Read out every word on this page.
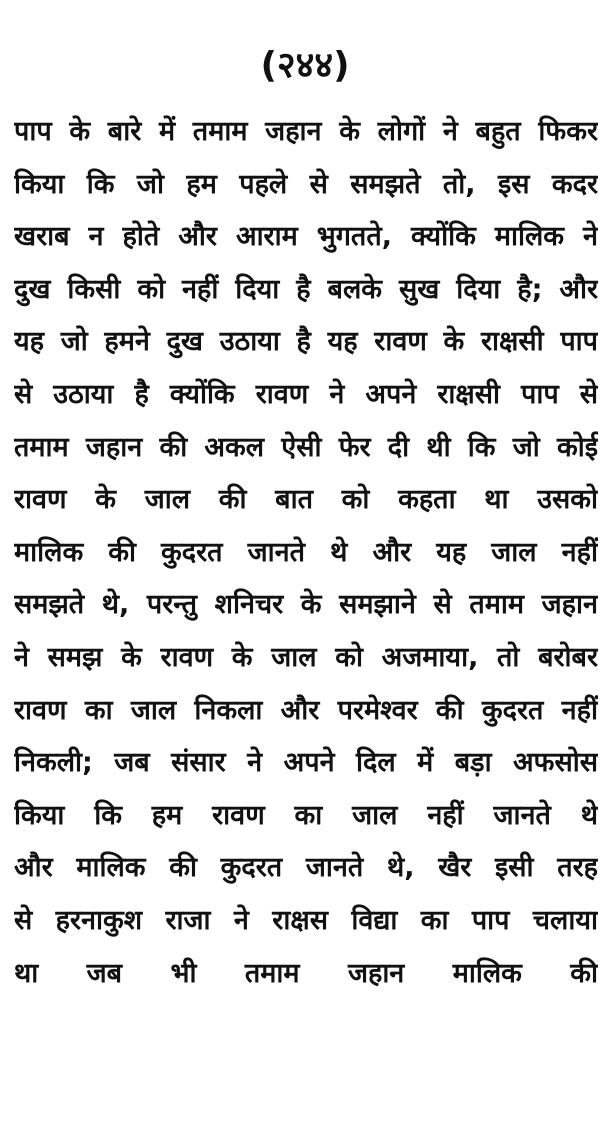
(२४४)
पाप के बारे में तमाम जहान के लोगों ने बहुत फिकर
किया कि जो हम पहले से समझते तो, इस कदर
खराब न होते और आराम भुगतते, क्योंकि मालिक ने
दुख किसी को नहीं दिया है बलके सुख दिया है; और
यह जो हमने दुख उठाया है यह रावण के राक्षसी पाप
से उठाया है क्योंकि रावण ने अपने राक्षसी पाप से
तमाम जहान की अकल ऐसी फेर दी थी कि जो कोई
रावण के जाल की बात को कहता था उसको
मालिक की कुदरत जानते थे और यह जाल नहीं
समझते थे, परन्तु शनिचर के समझाने से तमाम जहान
ने समझ के रावण के जाल को अजमाया, तो बरोबर
रावण का जाल निकला और परमेश्वर की कुदरत नहीं
निकली; जब संसार ने अपने दिल में बड़ा अफसोस
किया कि हम रावण का जाल नहीं जानते थे
और मालिक की कुदरत जानते थे, खैर इसी तरह
से हरनाकुश राजा ने राक्षस विद्या का पाप चलाया
था जब भी तमाम जहान मालिक की
